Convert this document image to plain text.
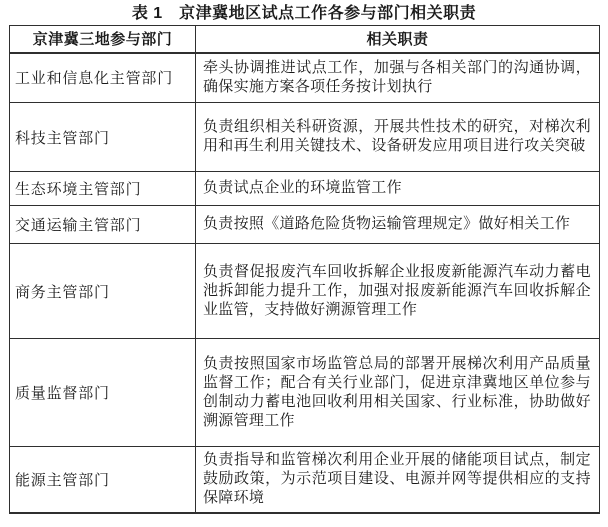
表 1　京津冀地区试点工作各参与部门相关职责
京津冀三地参与部门	相关职责
工业和信息化主管部门	牵头协调推进试点工作，加强与各相关部门的沟通协调，确保实施方案各项任务按计划执行
科技主管部门	负责组织相关科研资源，开展共性技术的研究，对梯次利用和再生利用关键技术、设备研发应用项目进行攻关突破
生态环境主管部门	负责试点企业的环境监管工作
交通运输主管部门	负责按照《道路危险货物运输管理规定》做好相关工作
商务主管部门	负责督促报废汽车回收拆解企业报废新能源汽车动力蓄电池拆卸能力提升工作，加强对报废新能源汽车回收拆解企业监管，支持做好溯源管理工作
质量监督部门	负责按照国家市场监管总局的部署开展梯次利用产品质量监督工作；配合有关行业部门，促进京津冀地区单位参与创制动力蓄电池回收利用相关国家、行业标准，协助做好溯源管理工作
能源主管部门	负责指导和监管梯次利用企业开展的储能项目试点，制定鼓励政策，为示范项目建设、电源并网等提供相应的支持保障环境
